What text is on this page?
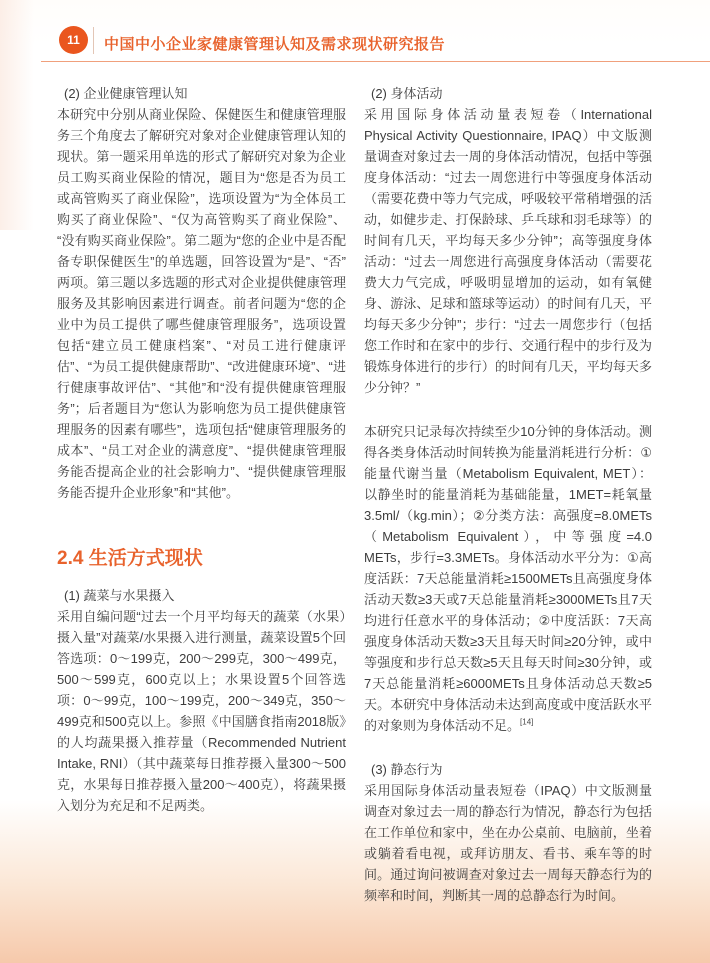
11 中国中小企业家健康管理认知及需求现状研究报告
(2) 企业健康管理认知

本研究中分别从商业保险、保健医生和健康管理服务三个角度去了解研究对象对企业健康管理认知的现状。第一题采用单选的形式了解研究对象为企业员工购买商业保险的情况，题目为“您是否为员工或高管购买了商业保险”，选项设置为“为全体员工购买了商业保险”、“仅为高管购买了商业保险”、“没有购买商业保险”。第二题为“您的企业中是否配备专职保健医生”的单选题，回答设置为“是”、“否”两项。第三题以多选题的形式对企业提供健康管理服务及其影响因素进行调查。前者问题为“您的企业中为员工提供了哪些健康管理服务”，选项设置包括“建立员工健康档案”、“对员工进行健康评估”、“为员工提供健康帮助”、“改进健康环境”、“进行健康事故评估”、“其他”和“没有提供健康管理服务”；后者题目为“您认为影响您为员工提供健康管理服务的因素有哪些”，选项包括“健康管理服务的成本”、“员工对企业的满意度”、“提供健康管理服务能否提高企业的社会影响力”、“提供健康管理服务能否提升企业形象”和“其他”。

2.4 生活方式现状
(1) 蔬菜与水果摄入

采用自编问题“过去一个月平均每天的蔬菜（水果）摄入量”对蔬菜/水果摄入进行测量，蔬菜设置5个回答选项：0～199克，200～299克，300～499克，500～599克，600克以上；水果设置5个回答选项：0～99克，100～199克，200～349克，350～499克和500克以上。参照《中国膳食指南2018版》的人均蔬果摄入推荐量（Recommended Nutrient Intake, RNI）（其中蔬菜每日推荐摄入量300～500克，水果每日推荐摄入量200～400克），将蔬果摄入划分为充足和不足两类。

(2) 身体活动

采用国际身体活动量表短卷（International Physical Activity Questionnaire, IPAQ）中文版测量调查对象过去一周的身体活动情况，包括中等强度身体活动：“过去一周您进行中等强度身体活动（需要花费中等力气完成，呼吸较平常稍增强的活动，如健步走、打保龄球、乒乓球和羽毛球等）的时间有几天，平均每天多少分钟”；高等强度身体活动：“过去一周您进行高强度身体活动（需要花费大力气完成，呼吸明显增加的运动，如有氧健身、游泳、足球和篮球等运动）的时间有几天，平均每天多少分钟”；步行：“过去一周您步行（包括您工作时和在家中的步行、交通行程中的步行及为锻炼身体进行的步行）的时间有几天，平均每天多少分钟？”

本研究只记录每次持续至少10分钟的身体活动。测得各类身体活动时间转换为能量消耗进行分析：①能量代谢当量（Metabolism Equivalent, MET）：以静坐时的能量消耗为基础能量，1MET=耗氧量3.5ml/（kg.min）；②分类方法：高强度=8.0METs（Metabolism Equivalent），中等强度=4.0 METs，步行=3.3METs。身体活动水平分为：①高度活跃：7天总能量消耗≥1500METs且高强度身体活动天数≥3天或7天总能量消耗≥3000METs且7天均进行任意水平的身体活动；②中度活跃：7天高强度身体活动天数≥3天且每天时间≥20分钟，或中等强度和步行总天数≥5天且每天时间≥30分钟，或7天总能量消耗≥6000METs且身体活动总天数≥5天。本研究中身体活动未达到高度或中度活跃水平的对象则为身体活动不足。[14]

(3) 静态行为

采用国际身体活动量表短卷（IPAQ）中文版测量调查对象过去一周的静态行为情况，静态行为包括在工作单位和家中，坐在办公桌前、电脑前，坐着或躺着看电视，或拜访朋友、看书、乘车等的时间。通过询问被调查对象过去一周每天静态行为的频率和时间，判断其一周的总静态行为时间。
